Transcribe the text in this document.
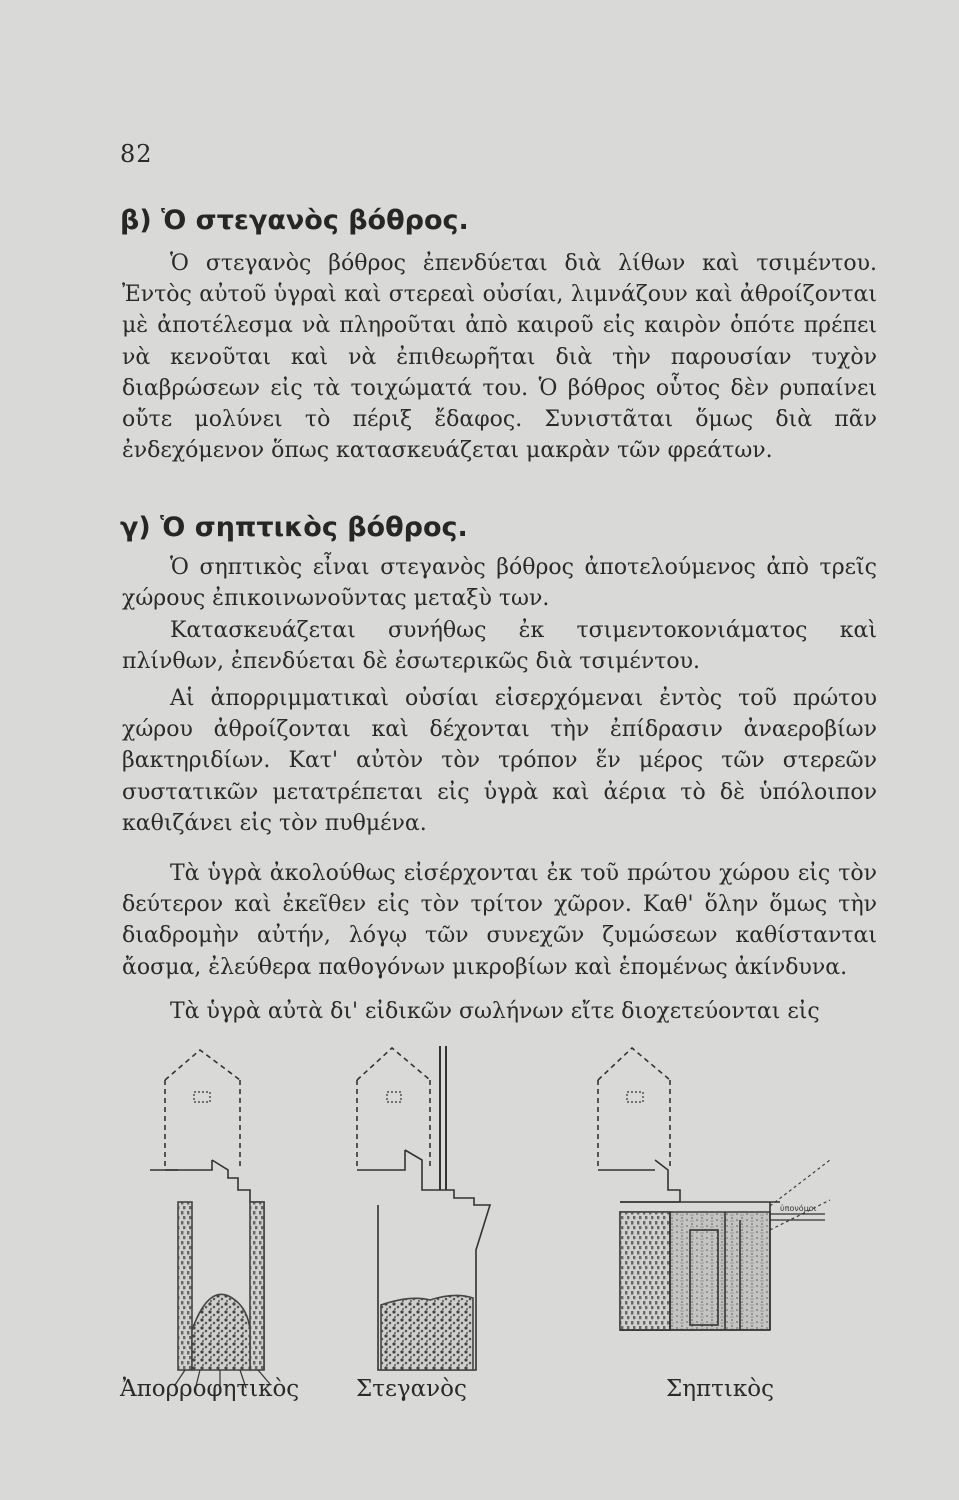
82
β) Ὁ στεγανὸς βόθρος.

Ὁ στεγανὸς βόθρος ἐπενδύεται διὰ λίθων καὶ τσιμέντου. Ἐντὸς αὐτοῦ ὑγραὶ καὶ στερεαὶ οὐσίαι, λιμνάζουν καὶ ἀθροίζονται μὲ ἀποτέλεσμα νὰ πληροῦται ἀπὸ καιροῦ εἰς καιρὸν ὁπότε πρέπει νὰ κενοῦται καὶ νὰ ἐπιθεωρῆται διὰ τὴν παρουσίαν τυχὸν διαβρώσεων εἰς τὰ τοιχώματά του. Ὁ βόθρος οὗτος δὲν ρυπαίνει οὔτε μολύνει τὸ πέριξ ἔδαφος. Συνιστᾶται ὅμως διὰ πᾶν ἐνδεχόμενον ὅπως κατασκευάζεται μακρὰν τῶν φρεάτων.

γ) Ὁ σηπτικὸς βόθρος.

Ὁ σηπτικὸς εἶναι στεγανὸς βόθρος ἀποτελούμενος ἀπὸ τρεῖς χώρους ἐπικοινωνοῦντας μεταξὺ των.

Κατασκευάζεται συνήθως ἐκ τσιμεντοκονιάματος καὶ πλίνθων, ἐπενδύεται δὲ ἐσωτερικῶς διὰ τσιμέντου.

Αἱ ἀπορριμματικαὶ οὐσίαι εἰσερχόμεναι ἐντὸς τοῦ πρώτου χώρου ἀθροίζονται καὶ δέχονται τὴν ἐπίδρασιν ἀναεροβίων βακτηριδίων. Κατ' αὐτὸν τὸν τρόπον ἕν μέρος τῶν στερεῶν συστατικῶν μετατρέπεται εἰς ὑγρὰ καὶ ἀέρια τὸ δὲ ὑπόλοιπον καθιζάνει εἰς τὸν πυθμένα.

Τὰ ὑγρὰ ἀκολούθως εἰσέρχονται ἐκ τοῦ πρώτου χώρου εἰς τὸν δεύτερον καὶ ἐκεῖθεν εἰς τὸν τρίτον χῶρον. Καθ' ὅλην ὅμως τὴν διαδρομὴν αὐτήν, λόγῳ τῶν συνεχῶν ζυμώσεων καθίστανται ἄοσμα, ἐλεύθερα παθογόνων μικροβίων καὶ ἑπομένως ἀκίνδυνα.

Τὰ ὑγρὰ αὐτὰ δι' εἰδικῶν σωλήνων εἴτε διοχετεύονται εἰς

ὑπονόμοι
Ἀπορροφητικὸς Στεγανὸς	Σηπτικὸς
